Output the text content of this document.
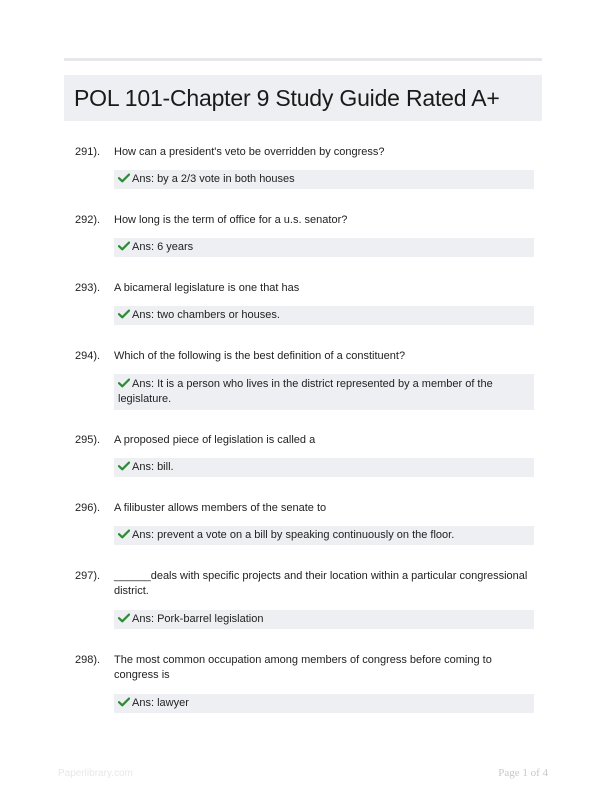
POL 101-Chapter 9 Study Guide Rated A+
291). How can a president's veto be overridden by congress?
Ans: by a 2/3 vote in both houses
292). How long is the term of office for a u.s. senator?
Ans: 6 years
293). A bicameral legislature is one that has
Ans: two chambers or houses.
294). Which of the following is the best definition of a constituent?
Ans: It is a person who lives in the district represented by a member of the legislature.
295). A proposed piece of legislation is called a
Ans: bill.
296). A filibuster allows members of the senate to
Ans: prevent a vote on a bill by speaking continuously on the floor.
297). ______deals with specific projects and their location within a particular congressional district.
Ans: Pork-barrel legislation
298). The most common occupation among members of congress before coming to congress is
Ans: lawyer
Paperlibrary.com	Page 1 of 4
